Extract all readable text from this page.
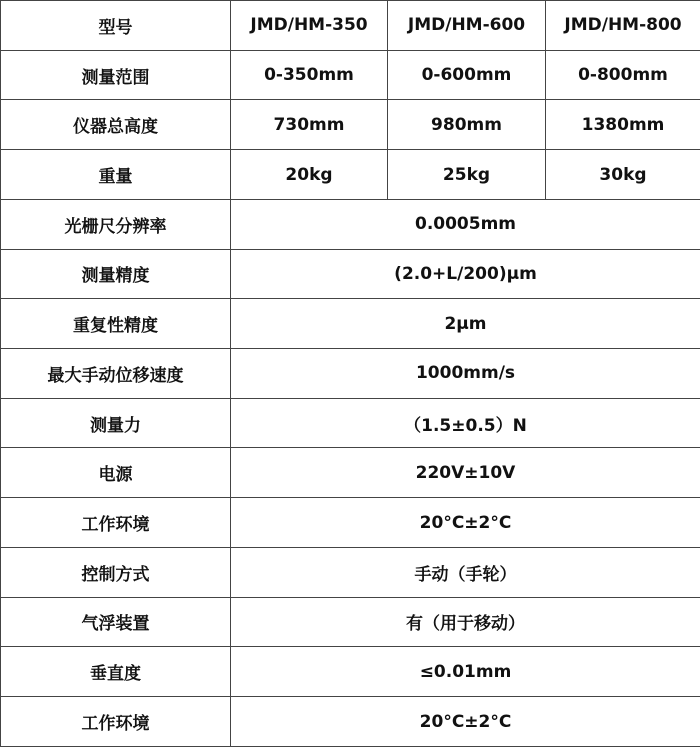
型号	JMD/HM-350	JMD/HM-600	JMD/HM-800
测量范围	0-350mm	0-600mm	0-800mm
仪器总高度	730mm	980mm	1380mm
重量	20kg	25kg	30kg
光栅尺分辨率	0.0005mm		
测量精度	(2.0+L/200)μm		
重复性精度	2μm		
最大手动位移速度	1000mm/s		
测量力	（1.5±0.5）N		
电源	220V±10V		
工作环境	20°C±2°C		
控制方式	手动（手轮）		
气浮装置	有（用于移动）		
垂直度	≤0.01mm		
工作环境	20°C±2°C		
